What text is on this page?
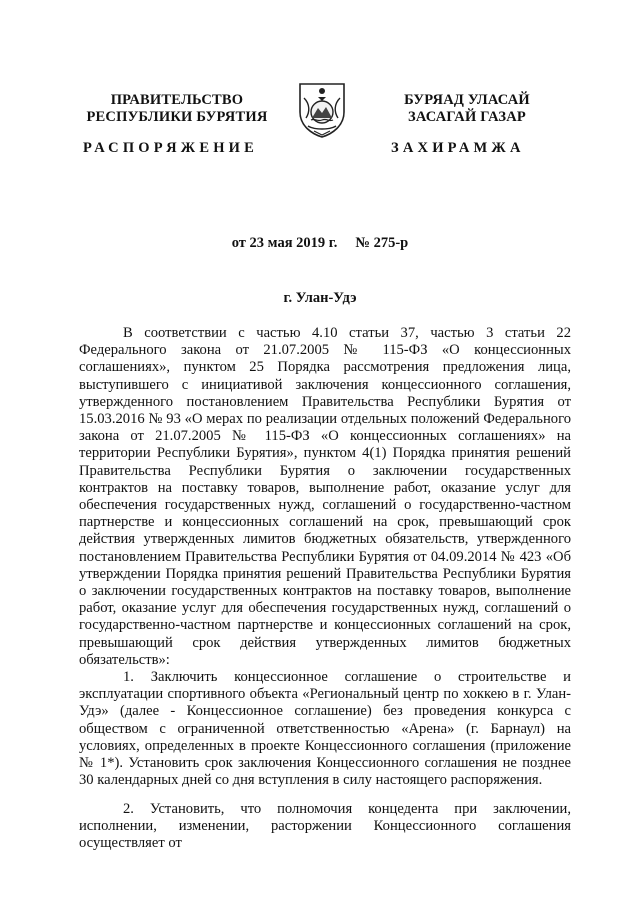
ПРАВИТЕЛЬСТВО
РЕСПУБЛИКИ БУРЯТИЯ
БУРЯАД УЛАСАЙ
ЗАСАГАЙ ГАЗАР
РАСПОРЯЖЕНИЕ	ЗАХИРАМЖА
от 23 мая 2019 г. № 275-р
г. Улан-Удэ

В соответствии с частью 4.10 статьи 37, частью 3 статьи 22 Федерального закона от 21.07.2005 № 115-ФЗ «О концессионных соглашениях», пунктом 25 Порядка рассмотрения предложения лица, выступившего с инициативой заключения концессионного соглашения, утвержденного постановлением Правительства Республики Бурятия от 15.03.2016 № 93 «О мерах по реализации отдельных положений Федерального закона от 21.07.2005 № 115-ФЗ «О концессионных соглашениях» на территории Республики Бурятия», пунктом 4(1) Порядка принятия решений Правительства Республики Бурятия о заключении государственных контрактов на поставку товаров, выполнение работ, оказание услуг для обеспечения государственных нужд, соглашений о государственно-частном партнерстве и концессионных соглашений на срок, превышающий срок действия утвержденных лимитов бюджетных обязательств, утвержденного постановлением Правительства Республики Бурятия от 04.09.2014 № 423 «Об утверждении Порядка принятия решений Правительства Республики Бурятия о заключении государственных контрактов на поставку товаров, выполнение работ, оказание услуг для обеспечения государственных нужд, соглашений о государственно-частном партнерстве и концессионных соглашений на срок, превышающий срок действия утвержденных лимитов бюджетных обязательств»:

1. Заключить концессионное соглашение о строительстве и эксплуатации спортивного объекта «Региональный центр по хоккею в г. Улан-Удэ» (далее - Концессионное соглашение) без проведения конкурса с обществом с ограниченной ответственностью «Арена» (г. Барнаул) на условиях, определенных в проекте Концессионного соглашения (приложение № 1*). Установить срок заключения Концессионного соглашения не позднее 30 календарных дней со дня вступления в силу настоящего распоряжения.

2. Установить, что полномочия концедента при заключении, исполнении, изменении, расторжении Концессионного соглашения осуществляет от
